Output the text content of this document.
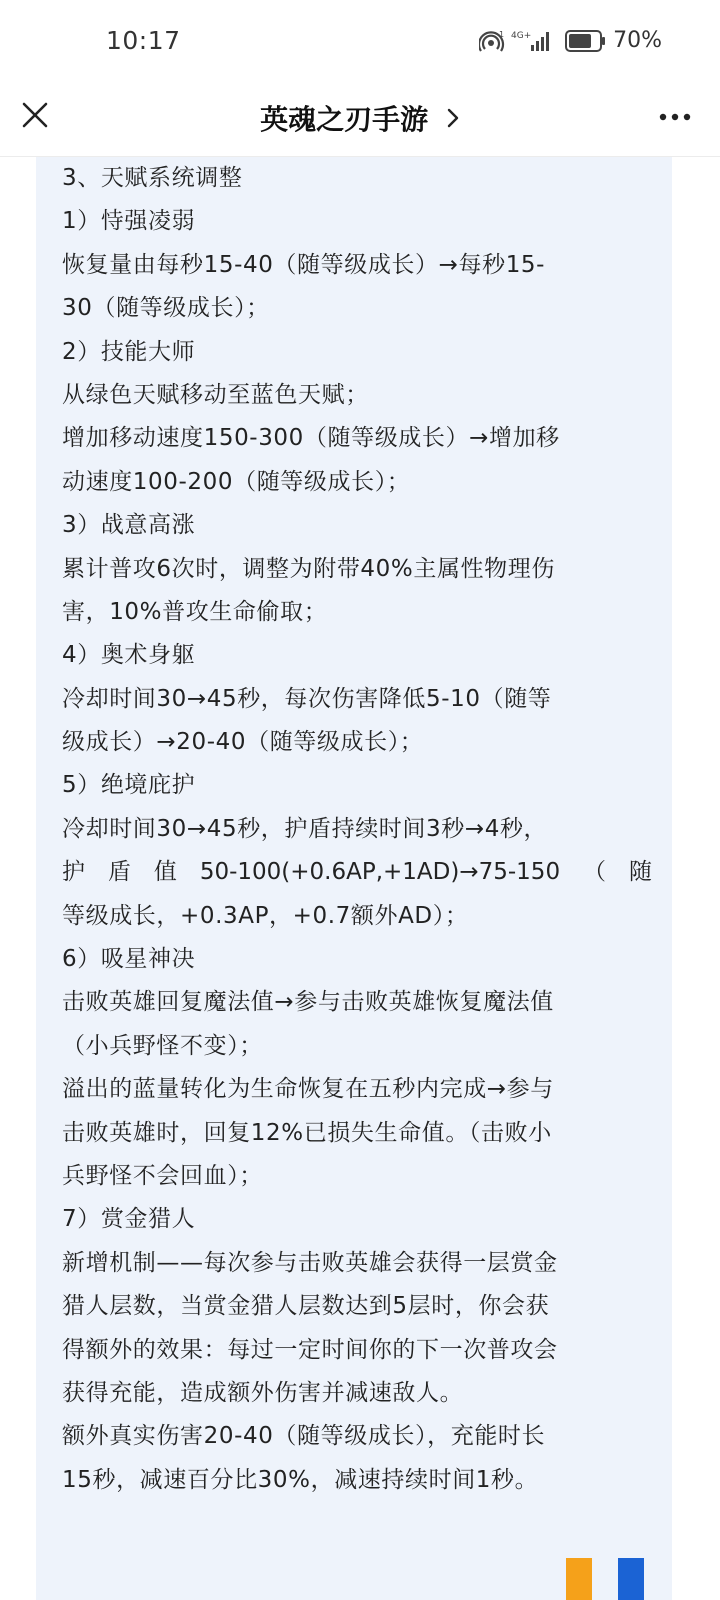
10:17	1 4G+	70%
英魂之刃手游
3、天赋系统调整
1）恃强凌弱
恢复量由每秒15-40（随等级成长）→每秒15-
30（随等级成长）；
2）技能大师
从绿色天赋移动至蓝色天赋；
增加移动速度150-300（随等级成长）→增加移
动速度100-200（随等级成长）；
3）战意高涨
累计普攻6次时，调整为附带40%主属性物理伤
害，10%普攻生命偷取；
4）奥术身躯
冷却时间30→45秒，每次伤害降低5-10（随等
级成长）→20-40（随等级成长）；
5）绝境庇护
冷却时间30→45秒，护盾持续时间3秒→4秒，
护 盾 值 50-100(+0.6AP,+1AD)→75-150 （ 随
等级成长，+0.3AP，+0.7额外AD）；
6）吸星神决
击败英雄回复魔法值→参与击败英雄恢复魔法值
（小兵野怪不变）；
溢出的蓝量转化为生命恢复在五秒内完成→参与
击败英雄时，回复12%已损失生命值。（击败小
兵野怪不会回血）；
7）赏金猎人
新增机制——每次参与击败英雄会获得一层赏金
猎人层数，当赏金猎人层数达到5层时，你会获
得额外的效果：每过一定时间你的下一次普攻会
获得充能，造成额外伤害并减速敌人。
额外真实伤害20-40（随等级成长），充能时长
15秒，减速百分比30%，减速持续时间1秒。
